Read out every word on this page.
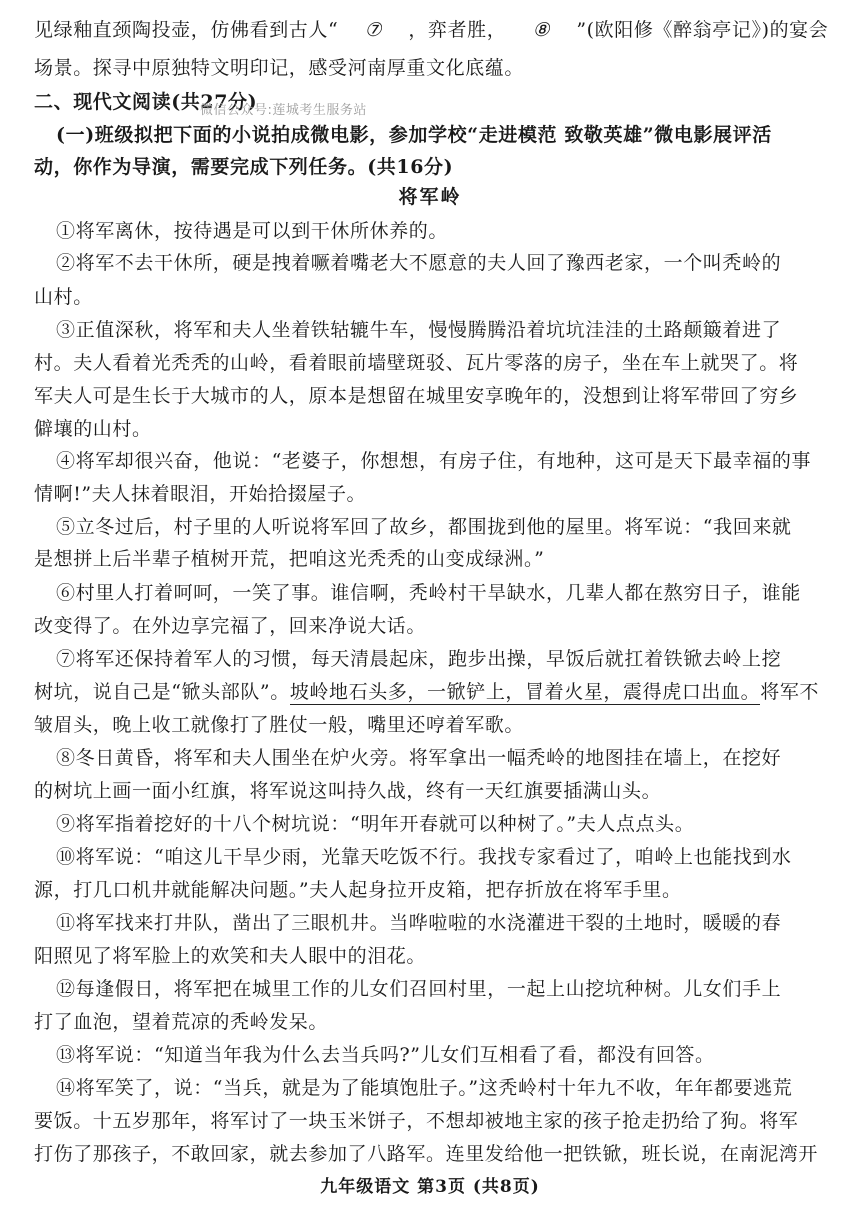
见绿釉直颈陶投壶，仿佛看到古人“ ⑦ ，弈者胜， ⑧ ”(欧阳修《醉翁亭记》)的宴会
场景。探寻中原独特文明印记，感受河南厚重文化底蕴。
二、现代文阅读(共27分)
微信公众号:莲城考生服务站
(一)班级拟把下面的小说拍成微电影，参加学校“走进模范 致敬英雄”微电影展评活
动，你作为导演，需要完成下列任务。(共16分)
将军岭
①将军离休，按待遇是可以到干休所休养的。
②将军不去干休所，硬是拽着噘着嘴老大不愿意的夫人回了豫西老家，一个叫秃岭的
山村。
③正值深秋，将军和夫人坐着铁轱辘牛车，慢慢腾腾沿着坑坑洼洼的土路颠簸着进了
村。夫人看着光秃秃的山岭，看着眼前墙壁斑驳、瓦片零落的房子，坐在车上就哭了。将
军夫人可是生长于大城市的人，原本是想留在城里安享晚年的，没想到让将军带回了穷乡
僻壤的山村。
④将军却很兴奋，他说：“老婆子，你想想，有房子住，有地种，这可是天下最幸福的事
情啊!”夫人抹着眼泪，开始拾掇屋子。
⑤立冬过后，村子里的人听说将军回了故乡，都围拢到他的屋里。将军说：“我回来就
是想拼上后半辈子植树开荒，把咱这光秃秃的山变成绿洲。”
⑥村里人打着呵呵，一笑了事。谁信啊，秃岭村干旱缺水，几辈人都在熬穷日子，谁能
改变得了。在外边享完福了，回来净说大话。
⑦将军还保持着军人的习惯，每天清晨起床，跑步出操，早饭后就扛着铁锨去岭上挖
树坑，说自己是“锨头部队”。坡岭地石头多，一锨铲上，冒着火星，震得虎口出血。将军不
皱眉头，晚上收工就像打了胜仗一般，嘴里还哼着军歌。
⑧冬日黄昏，将军和夫人围坐在炉火旁。将军拿出一幅秃岭的地图挂在墙上，在挖好
的树坑上画一面小红旗，将军说这叫持久战，终有一天红旗要插满山头。
⑨将军指着挖好的十八个树坑说：“明年开春就可以种树了。”夫人点点头。
⑩将军说：“咱这儿干旱少雨，光靠天吃饭不行。我找专家看过了，咱岭上也能找到水
源，打几口机井就能解决问题。”夫人起身拉开皮箱，把存折放在将军手里。
⑪将军找来打井队，凿出了三眼机井。当哗啦啦的水浇灌进干裂的土地时，暖暖的春
阳照见了将军脸上的欢笑和夫人眼中的泪花。
⑫每逢假日，将军把在城里工作的儿女们召回村里，一起上山挖坑种树。儿女们手上
打了血泡，望着荒凉的秃岭发呆。
⑬将军说：“知道当年我为什么去当兵吗?”儿女们互相看了看，都没有回答。
⑭将军笑了，说：“当兵，就是为了能填饱肚子。”这秃岭村十年九不收，年年都要逃荒
要饭。十五岁那年，将军讨了一块玉米饼子，不想却被地主家的孩子抢走扔给了狗。将军
打伤了那孩子，不敢回家，就去参加了八路军。连里发给他一把铁锨，班长说，在南泥湾开
九年级语文 第3页 (共8页)
